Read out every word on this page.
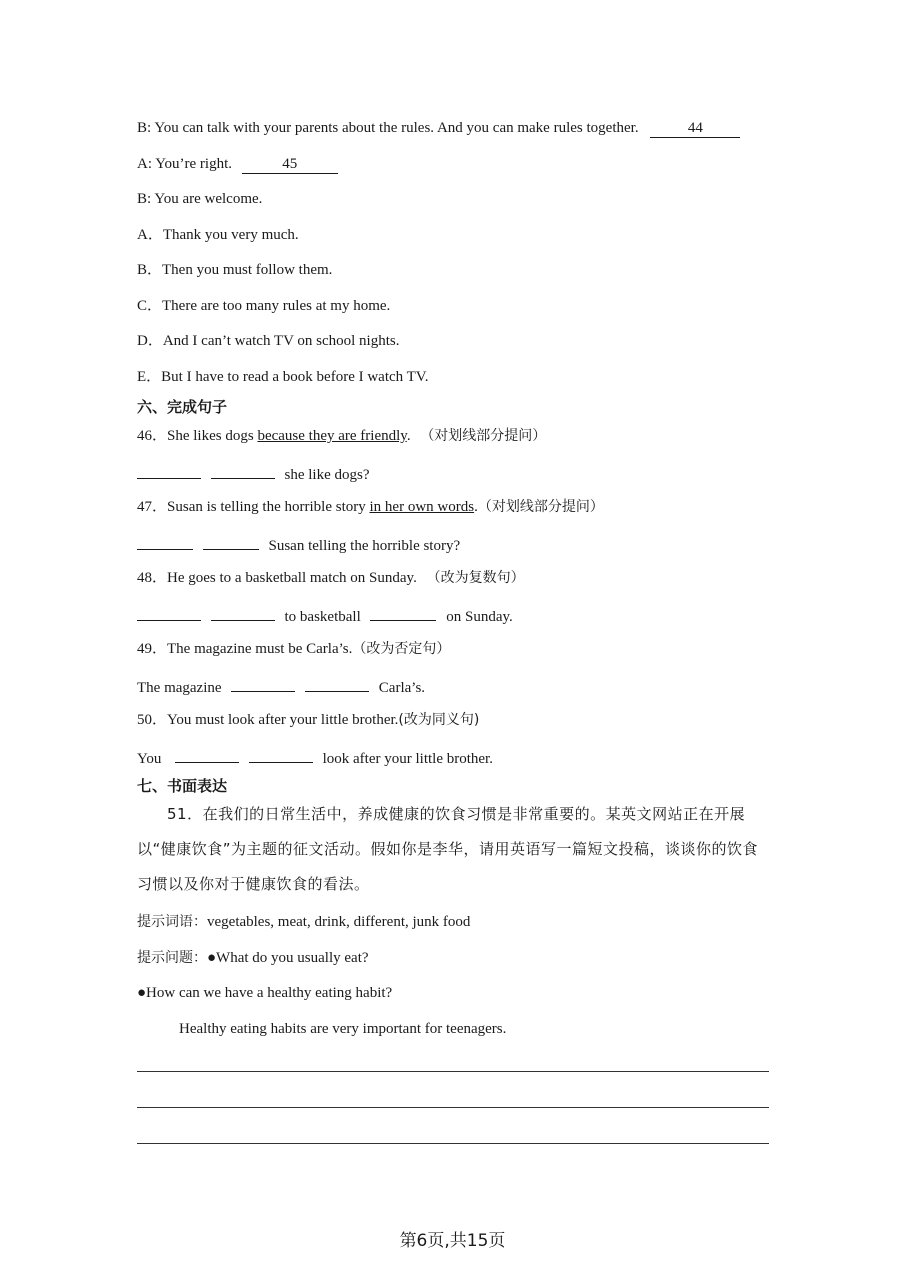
B: You can talk with your parents about the rules. And you can make rules together.	44
A: You’re right.	45
B: You are welcome.
A．Thank you very much.
B．Then you must follow them.
C．There are too many rules at my home.
D．And I can’t watch TV on school nights.
E．But I have to read a book before I watch TV.
六、完成句子
46．She likes dogs because they are friendly. （对划线部分提问）
she like dogs?
47．Susan is telling the horrible story in her own words.（对划线部分提问）
Susan telling the horrible story?
48．He goes to a basketball match on Sunday. （改为复数句）
to basketball	on Sunday.
49．The magazine must be Carla’s.（改为否定句）
The magazine	Carla’s.
50．You must look after your little brother.(改为同义句)
You	look after your little brother.
七、书面表达
51．在我们的日常生活中，养成健康的饮食习惯是非常重要的。某英文网站正在开展以“健康饮食”为主题的征文活动。假如你是李华，请用英语写一篇短文投稿，谈谈你的饮食习惯以及你对于健康饮食的看法。
提示词语：vegetables, meat, drink, different, junk food
提示问题：●What do you usually eat?
●How can we have a healthy eating habit?
Healthy eating habits are very important for teenagers.
第6页,共15页
